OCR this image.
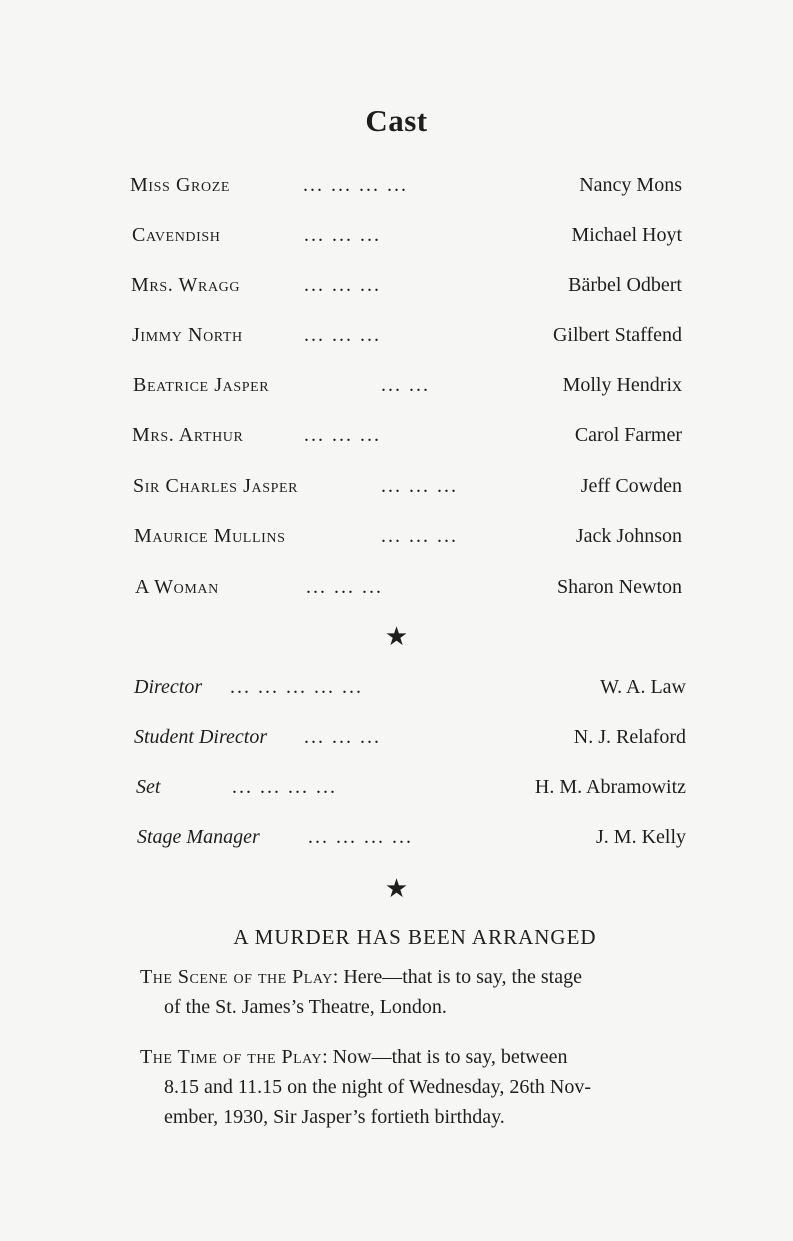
Cast
Miss Groze	... ... ... ...	Nancy Mons
Cavendish	... ... ...	Michael Hoyt
Mrs. Wragg	... ... ...	Bärbel Odbert
Jimmy North	... ... ...	Gilbert Staffend
Beatrice Jasper	... ...	Molly Hendrix
Mrs. Arthur	... ... ...	Carol Farmer
Sir Charles Jasper	... ... ...	Jeff Cowden
Maurice Mullins	... ... ...	Jack Johnson
A Woman	... ... ...	Sharon Newton
★
Director ... ... ... ... ...	W. A. Law
Student Director ... ... ...	N. J. Relaford
Set	... ... ... ...	H. M. Abramowitz
Stage Manager ... ... ... ...	J. M. Kelly
★
A MURDER HAS BEEN ARRANGED
The Scene of the Play: Here—that is to say, the stage
of the St. James’s Theatre, London.
The Time of the Play: Now—that is to say, between
8.15 and 11.15 on the night of Wednesday, 26th Nov-
ember, 1930, Sir Jasper’s fortieth birthday.
